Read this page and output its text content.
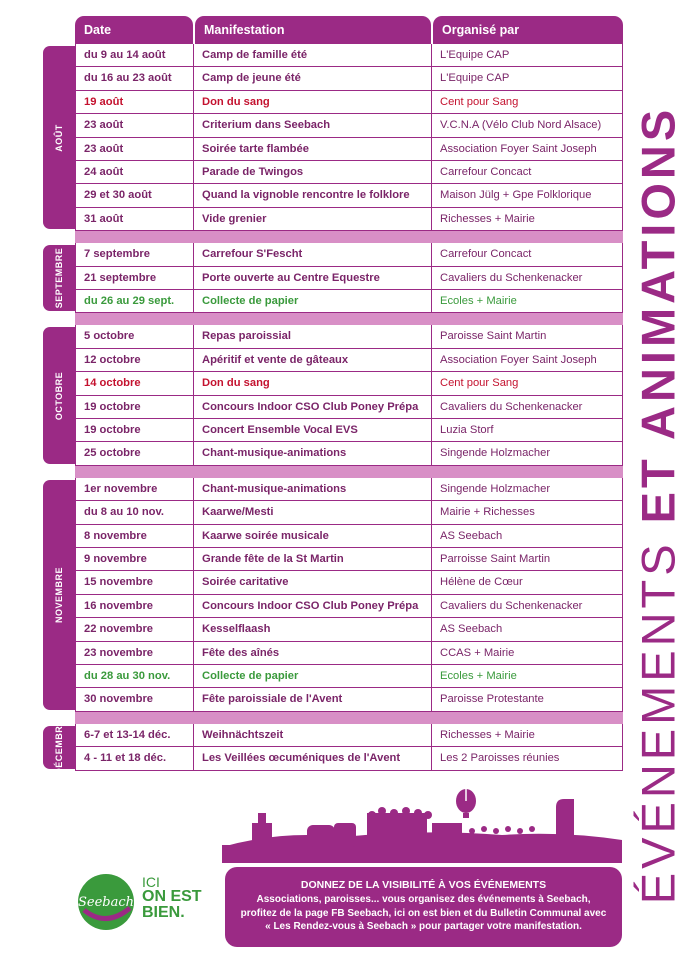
Date	Manifestation	Organisé par
du 9 au 14 août	Camp de famille été	L'Equipe CAP
du 16 au 23 août	Camp de jeune été	L'Equipe CAP
19 août	Don du sang	Cent pour Sang
23 août	Criterium dans Seebach	V.C.N.A (Vélo Club Nord Alsace)
23 août	Soirée tarte flambée	Association Foyer Saint Joseph
24 août	Parade de Twingos	Carrefour Concact
29 et 30 août	Quand la vignoble rencontre le folklore	Maison Jülg + Gpe Folklorique
31 août	Vide grenier	Richesses + Mairie
AOÛT
7 septembre	Carrefour S'Fescht	Carrefour Concact
21 septembre	Porte ouverte au Centre Equestre	Cavaliers du Schenkenacker
du 26 au 29 sept.	Collecte de papier	Ecoles + Mairie
SEPTEMBRE
5 octobre	Repas paroissial	Paroisse Saint Martin
12 octobre	Apéritif et vente de gâteaux	Association Foyer Saint Joseph
14 octobre	Don du sang	Cent pour Sang
19 octobre	Concours Indoor CSO Club Poney Prépa	Cavaliers du Schenkenacker
19 octobre	Concert Ensemble Vocal EVS	Luzia Storf
25 octobre	Chant-musique-animations	Singende Holzmacher
OCTOBRE
1er novembre	Chant-musique-animations	Singende Holzmacher
du 8 au 10 nov.	Kaarwe/Mesti	Mairie + Richesses
8 novembre	Kaarwe soirée musicale	AS Seebach
9 novembre	Grande fête de la St Martin	Parroisse Saint Martin
15 novembre	Soirée caritative	Hélène de Cœur
16 novembre	Concours Indoor CSO Club Poney Prépa	Cavaliers du Schenkenacker
22 novembre	Kesselflaash	AS Seebach
23 novembre	Fête des aînés	CCAS + Mairie
du 28 au 30 nov.	Collecte de papier	Ecoles + Mairie
30 novembre	Fête paroissiale de l'Avent	Paroisse Protestante
NOVEMBRE
6-7 et 13-14 déc.	Weihnächtszeit	Richesses + Mairie
4 - 11 et 18 déc.	Les Veillées œcuméniques de l'Avent	Les 2 Paroisses réunies
DÉCEMBRE	ÉVÉNEMENTS ET ANIMATIONS
Seebach
ICI
ON EST
BIEN.
DONNEZ DE LA VISIBILITÉ À VOS ÉVÉNEMENTS
Associations, paroisses... vous organisez des événements à Seebach, profitez de la page FB Seebach, ici on est bien et du Bulletin Communal avec « Les Rendez-vous à Seebach » pour partager votre manifestation.
